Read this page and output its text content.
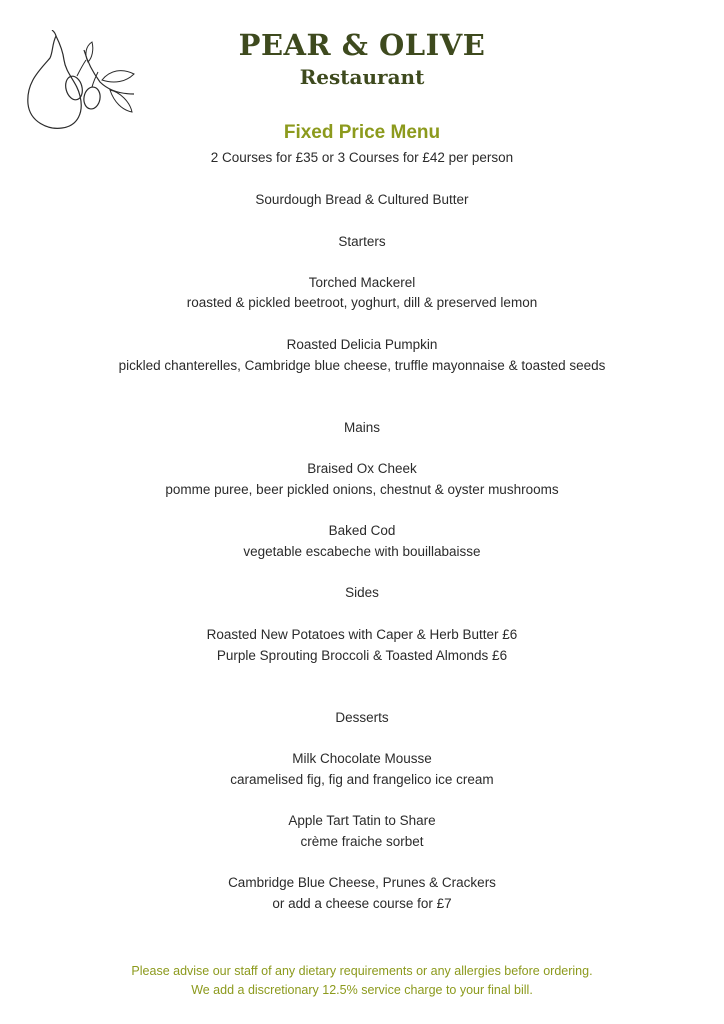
PEAR & OLIVE
Restaurant
Fixed Price Menu
2 Courses for £35 or 3 Courses for £42 per person
Sourdough Bread & Cultured Butter
Starters
Torched Mackerel
roasted & pickled beetroot, yoghurt, dill & preserved lemon
Roasted Delicia Pumpkin
pickled chanterelles, Cambridge blue cheese, truffle mayonnaise & toasted seeds
Mains
Braised Ox Cheek
pomme puree, beer pickled onions, chestnut & oyster mushrooms
Baked Cod
vegetable escabeche with bouillabaisse
Sides
Roasted New Potatoes with Caper & Herb Butter £6
Purple Sprouting Broccoli & Toasted Almonds £6
Desserts
Milk Chocolate Mousse
caramelised fig, fig and frangelico ice cream
Apple Tart Tatin to Share
crème fraiche sorbet
Cambridge Blue Cheese, Prunes & Crackers
or add a cheese course for £7
Please advise our staff of any dietary requirements or any allergies before ordering.
We add a discretionary 12.5% service charge to your final bill.
